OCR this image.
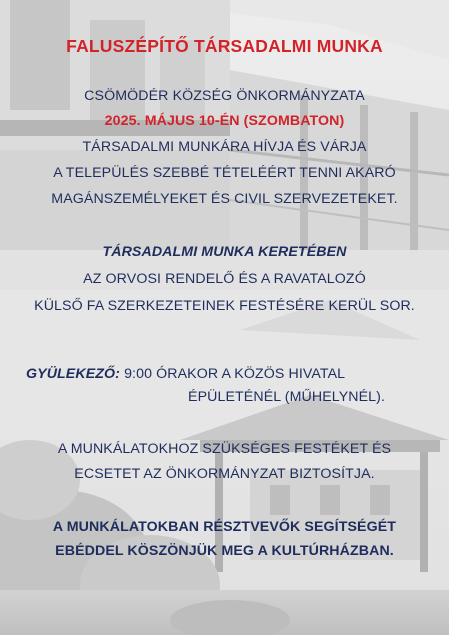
FALUSZÉPÍTŐ TÁRSADALMI MUNKA
CSÖMÖDÉR KÖZSÉG ÖNKORMÁNYZATA
2025. MÁJUS 10-ÉN (SZOMBATON)
TÁRSADALMI MUNKÁRA HÍVJA ÉS VÁRJA
A TELEPÜLÉS SZEBBÉ TÉTELÉÉRT TENNI AKARÓ
MAGÁNSZEMÉLYEKET ÉS CIVIL SZERVEZETEKET.
TÁRSADALMI MUNKA KERETÉBEN
AZ ORVOSI RENDELŐ ÉS A RAVATALOZÓ
KÜLSŐ FA SZERKEZETEINEK FESTÉSÉRE KERÜL SOR.
GYÜLEKEZŐ: 9:00 ÓRAKOR A KÖZÖS HIVATAL
ÉPÜLETÉNÉL (MŰHELYNÉL).
A MUNKÁLATOKHOZ SZÜKSÉGES FESTÉKET ÉS
ECSETET AZ ÖNKORMÁNYZAT BIZTOSÍTJA.
A MUNKÁLATOKBAN RÉSZTVEVŐK SEGÍTSÉGÉT
EBÉDDEL KÖSZÖNJÜK MEG A KULTÚRHÁZBAN.
